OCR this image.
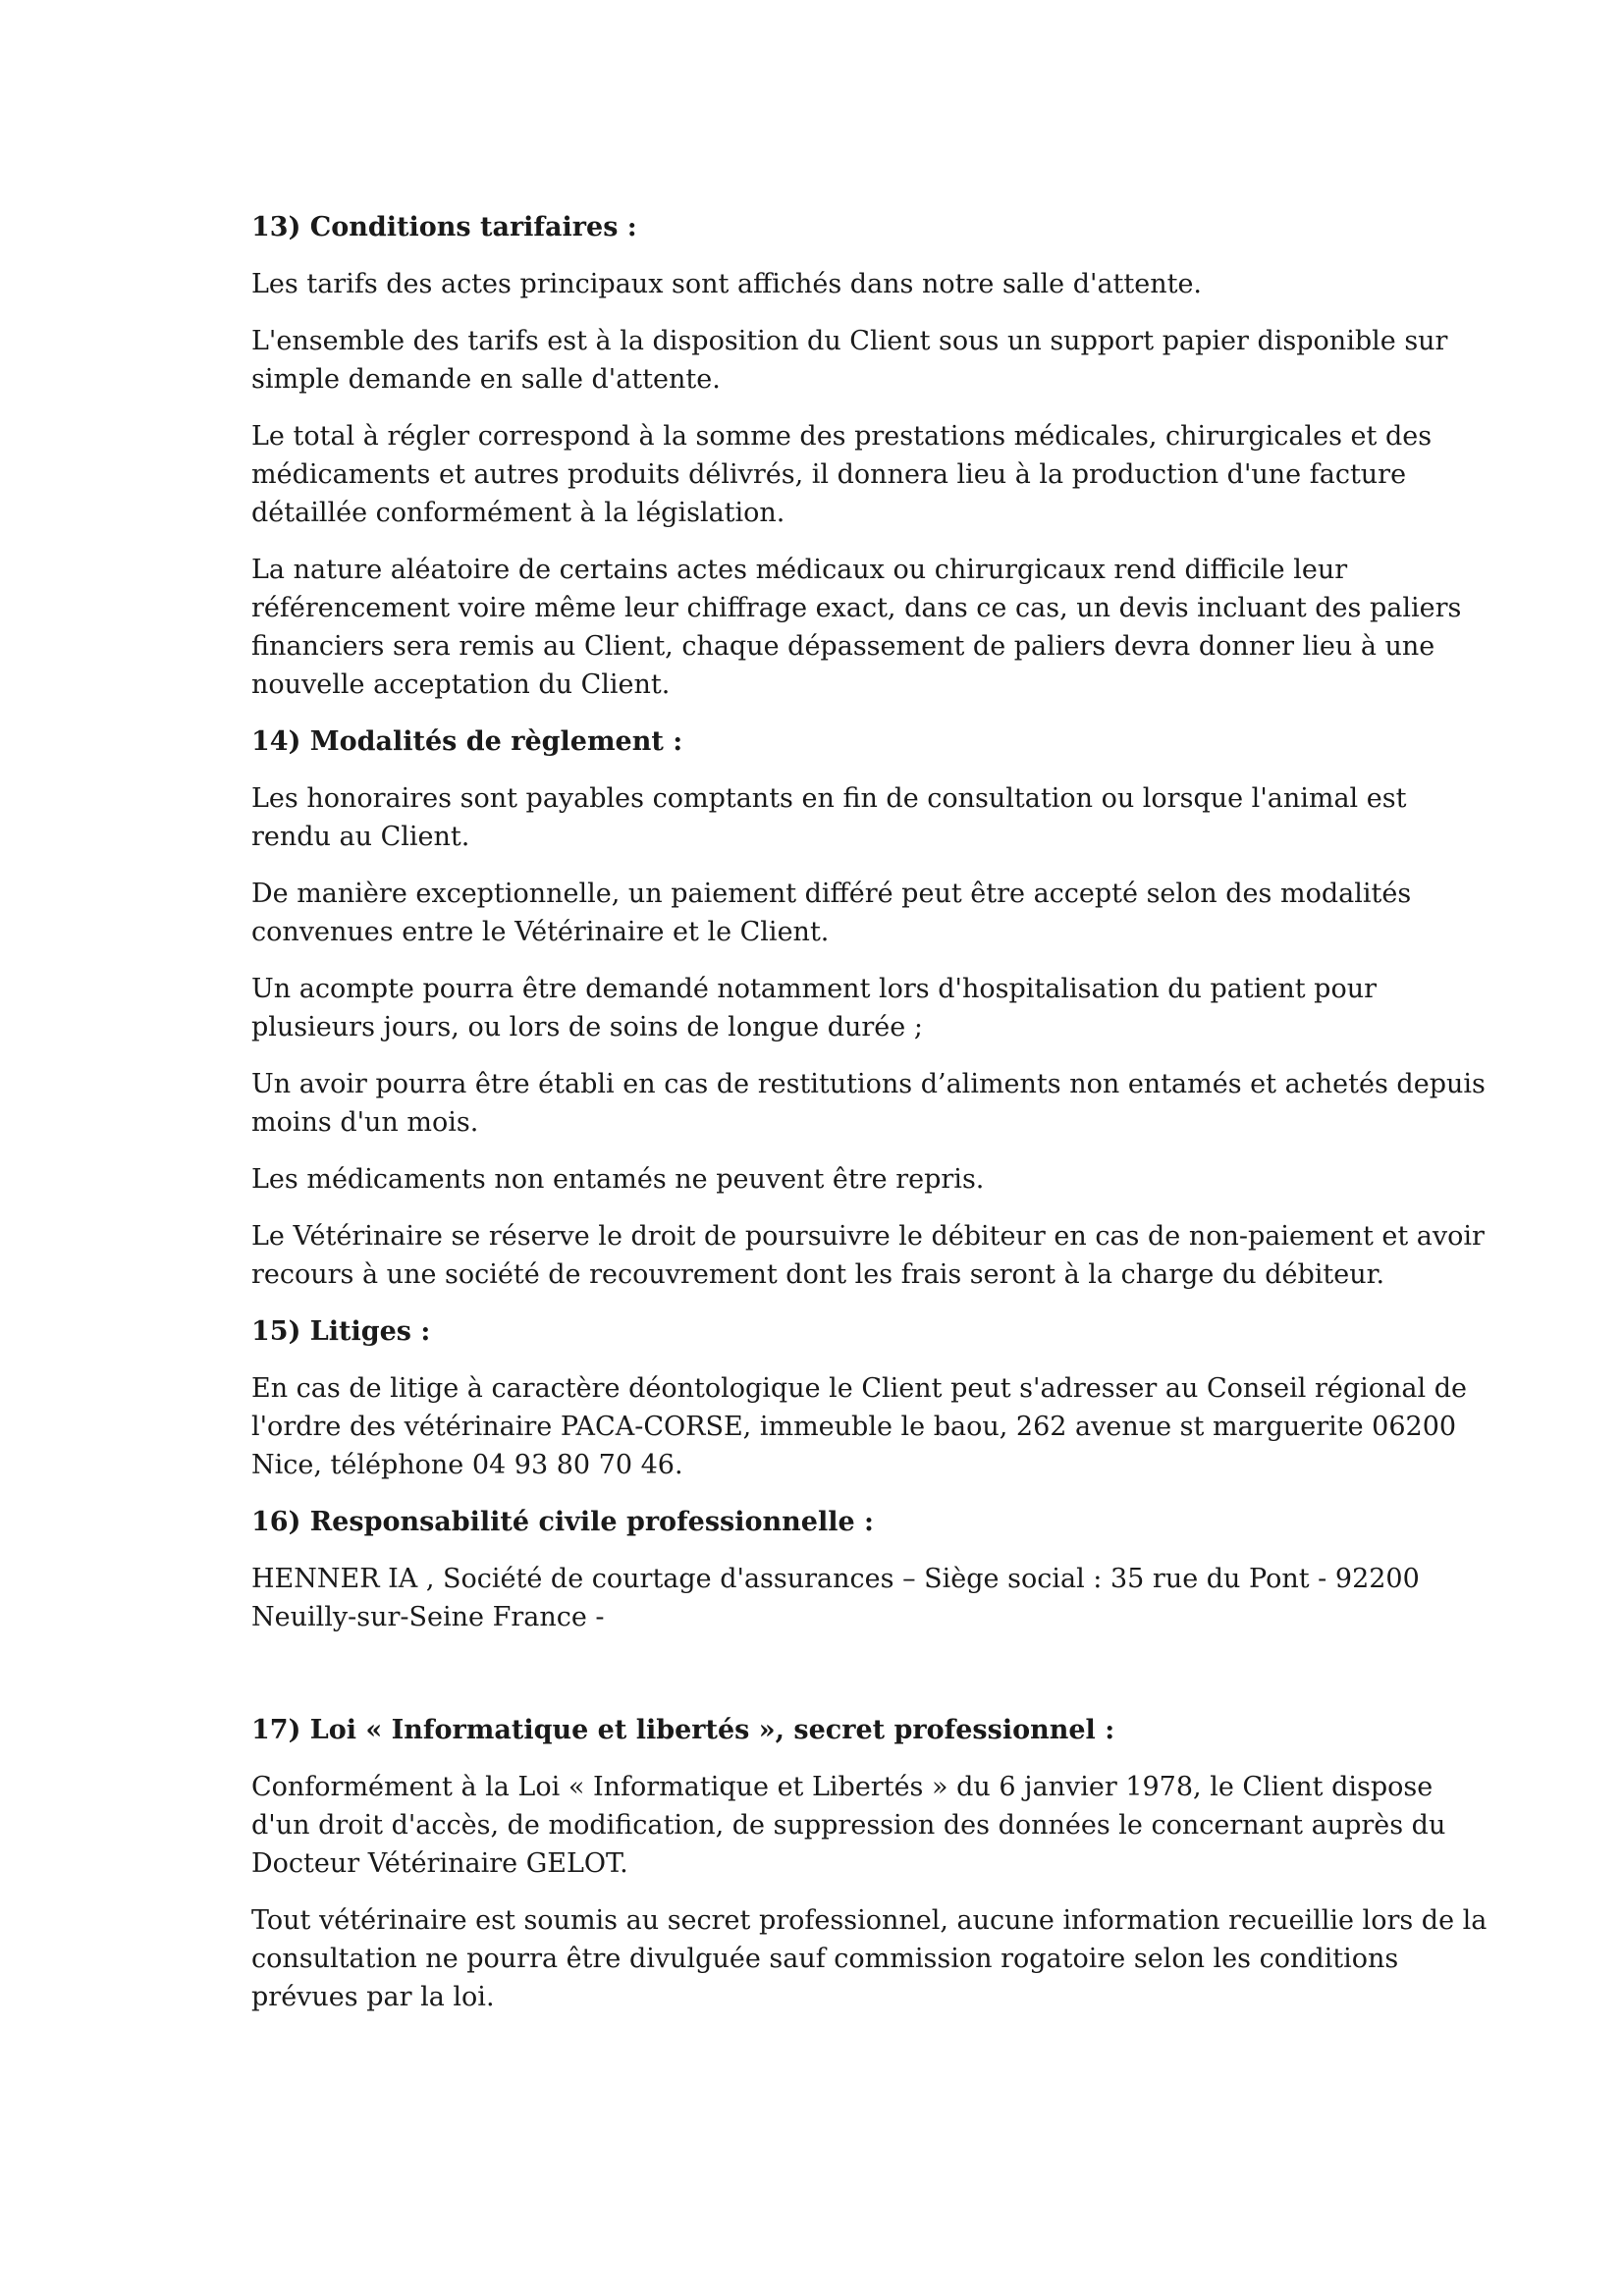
13) Conditions tarifaires :

Les tarifs des actes principaux sont affichés dans notre salle d'attente.

L'ensemble des tarifs est à la disposition du Client sous un support papier disponible sur simple demande en salle d'attente.

Le total à régler correspond à la somme des prestations médicales, chirurgicales et des médicaments et autres produits délivrés, il donnera lieu à la production d'une facture détaillée conformément à la législation.

La nature aléatoire de certains actes médicaux ou chirurgicaux rend difficile leur référencement voire même leur chiffrage exact, dans ce cas, un devis incluant des paliers financiers sera remis au Client, chaque dépassement de paliers devra donner lieu à une nouvelle acceptation du Client.

14) Modalités de règlement :

Les honoraires sont payables comptants en fin de consultation ou lorsque l'animal est rendu au Client.

De manière exceptionnelle, un paiement différé peut être accepté selon des modalités convenues entre le Vétérinaire et le Client.

Un acompte pourra être demandé notamment lors d'hospitalisation du patient pour plusieurs jours, ou lors de soins de longue durée ;

Un avoir pourra être établi en cas de restitutions d’aliments non entamés et achetés depuis moins d'un mois.

Les médicaments non entamés ne peuvent être repris.

Le Vétérinaire se réserve le droit de poursuivre le débiteur en cas de non-paiement et avoir recours à une société de recouvrement dont les frais seront à la charge du débiteur.

15) Litiges :

En cas de litige à caractère déontologique le Client peut s'adresser au Conseil régional de l'ordre des vétérinaire PACA-CORSE, immeuble le baou, 262 avenue st marguerite 06200 Nice, téléphone 04 93 80 70 46.

16) Responsabilité civile professionnelle :

HENNER IA , Société de courtage d'assurances – Siège social : 35 rue du Pont - 92200 Neuilly-sur-Seine France -

17) Loi « Informatique et libertés », secret professionnel :

Conformément à la Loi « Informatique et Libertés » du 6 janvier 1978, le Client dispose d'un droit d'accès, de modification, de suppression des données le concernant auprès du Docteur Vétérinaire GELOT.

Tout vétérinaire est soumis au secret professionnel, aucune information recueillie lors de la consultation ne pourra être divulguée sauf commission rogatoire selon les conditions prévues par la loi.
